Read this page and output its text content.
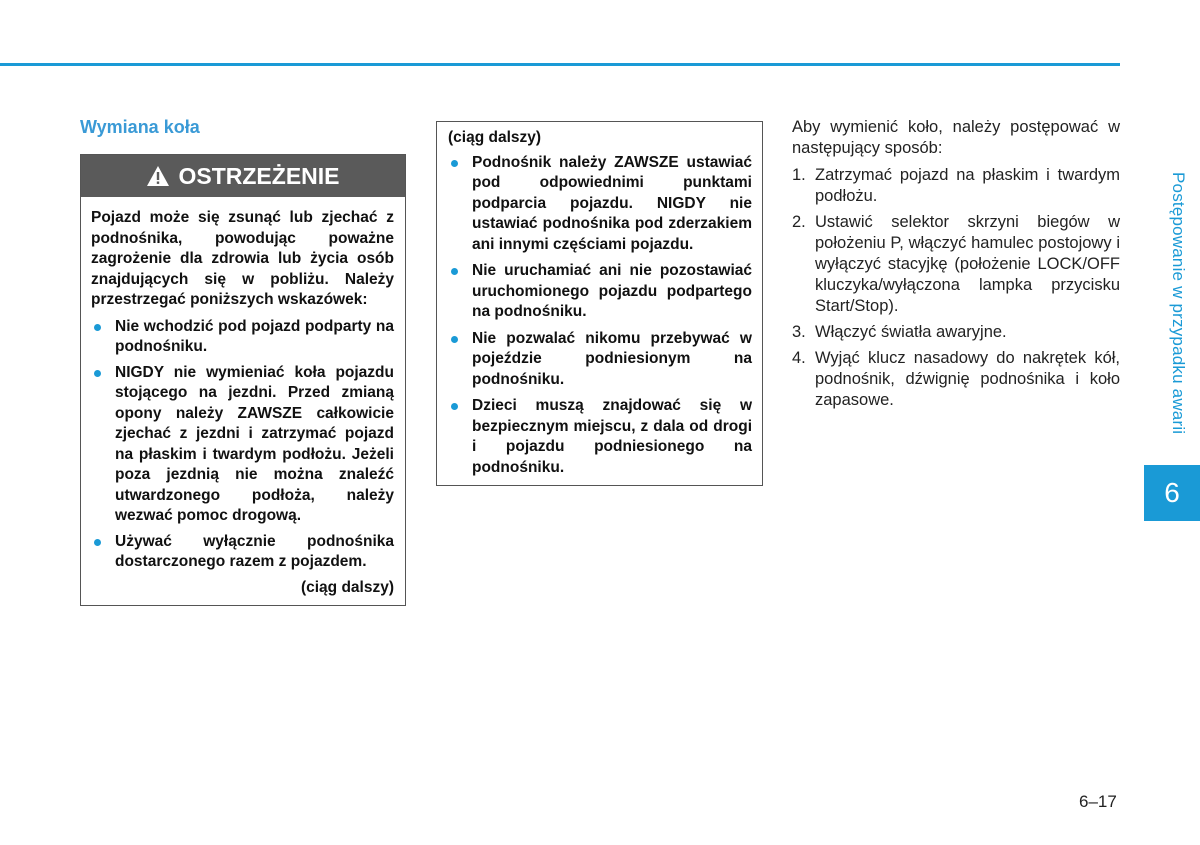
Wymiana koła
OSTRZEŻENIE

Pojazd może się zsunąć lub zjechać z podnośnika, powodując poważne zagrożenie dla zdrowia lub życia osób znajdujących się w pobliżu. Należy przestrzegać poniższych wskazówek:

Nie wchodzić pod pojazd podparty na podnośniku.
NIGDY nie wymieniać koła pojazdu stojącego na jezdni. Przed zmianą opony należy ZAWSZE całkowicie zjechać z jezdni i zatrzymać pojazd na płaskim i twardym podłożu. Jeżeli poza jezdnią nie można znaleźć utwardzonego podłoża, należy wezwać pomoc drogową.
Używać wyłącznie podnośnika dostarczonego razem z pojazdem.
(ciąg dalszy)

(ciąg dalszy)

Podnośnik należy ZAWSZE ustawiać pod odpowiednimi punktami podparcia pojazdu. NIGDY nie ustawiać podnośnika pod zderzakiem ani innymi częściami pojazdu.
Nie uruchamiać ani nie pozostawiać uruchomionego pojazdu podpartego na podnośniku.
Nie pozwalać nikomu przebywać w pojeździe podniesionym na podnośniku.
Dzieci muszą znajdować się w bezpiecznym miejscu, z dala od drogi i pojazdu podniesionego na podnośniku.

Aby wymienić koło, należy postępować w następujący sposób:

1. Zatrzymać pojazd na płaskim i twardym podłożu.
2. Ustawić selektor skrzyni biegów w położeniu P, włączyć hamulec postojowy i wyłączyć stacyjkę (położenie LOCK/OFF kluczyka/wyłączona lampka przycisku Start/Stop).
3. Włączyć światła awaryjne.
4. Wyjąć klucz nasadowy do nakrętek kół, podnośnik, dźwignię podnośnika i koło zapasowe.	Postępowanie w przypadku awarii
6
6–17
